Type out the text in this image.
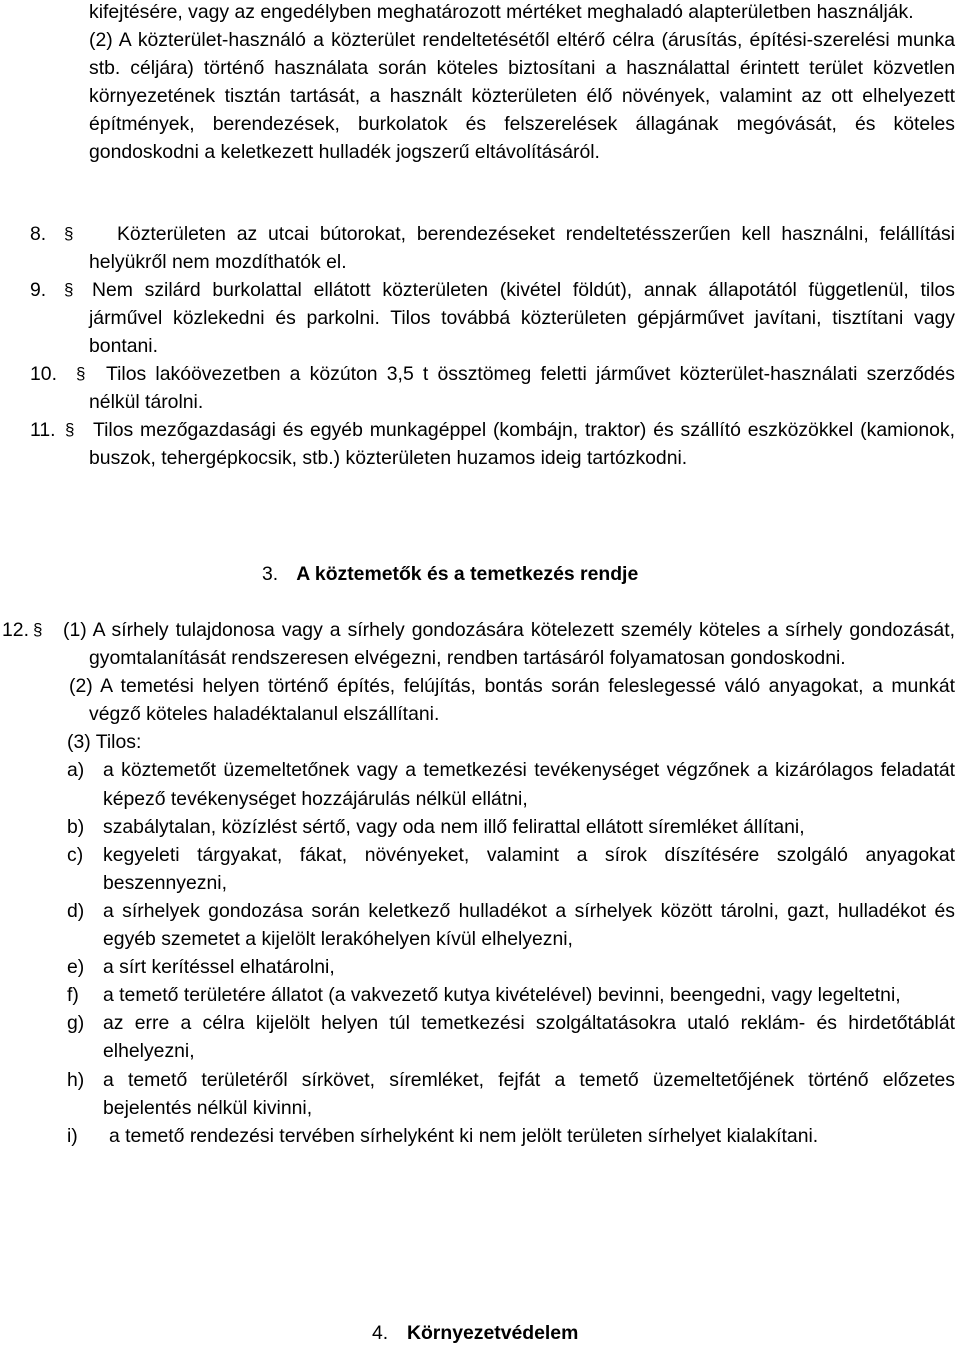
kifejtésére, vagy az engedélyben meghatározott mértéket meghaladó alapterületben használják.
(2) A közterület-használó a közterület rendeltetésétől eltérő célra (árusítás, építési-szerelési munka stb. céljára) történő használata során köteles biztosítani a használattal érintett terület közvetlen környezetének tisztán tartását, a használt közterületen élő növények, valamint az ott elhelyezett építmények, berendezések, burkolatok és felszerelések állagának megóvását, és köteles gondoskodni a keletkezett hulladék jogszerű eltávolításáról.
8. §	Közterületen az utcai bútorokat, berendezéseket rendeltetésszerűen kell használni, felállítási helyükről nem mozdíthatók el.
9. § Nem szilárd burkolattal ellátott közterületen (kivétel földút), annak állapotától függetlenül, tilos járművel közlekedni és parkolni. Tilos továbbá közterületen gépjárművet javítani, tisztítani vagy bontani.
10. §	Tilos lakóövezetben a közúton 3,5 t össztömeg feletti járművet közterület-használati szerződés nélkül tárolni.
11. § Tilos mezőgazdasági és egyéb munkagéppel (kombájn, traktor) és szállító eszközökkel (kamionok, buszok, tehergépkocsik, stb.) közterületen huzamos ideig tartózkodni.
3. A köztemetők és a temetkezés rendje
12. § (1) A sírhely tulajdonosa vagy a sírhely gondozására kötelezett személy köteles a sírhely gondozását, gyomtalanítását rendszeresen elvégezni, rendben tartásáról folyamatosan gondoskodni.
(2) A temetési helyen történő építés, felújítás, bontás során feleslegessé váló anyagokat, a munkát végző köteles haladéktalanul elszállítani.
(3) Tilos:
a) a köztemetőt üzemeltetőnek vagy a temetkezési tevékenységet végzőnek a kizárólagos feladatát képező tevékenységet hozzájárulás nélkül ellátni,
b) szabálytalan, közízlést sértő, vagy oda nem illő felirattal ellátott síremléket állítani,
c) kegyeleti tárgyakat, fákat, növényeket, valamint a sírok díszítésére szolgáló anyagokat beszennyezni,
d) a sírhelyek gondozása során keletkező hulladékot a sírhelyek között tárolni, gazt, hulladékot és egyéb szemetet a kijelölt lerakóhelyen kívül elhelyezni,
e) a sírt kerítéssel elhatárolni,
f) a temető területére állatot (a vakvezető kutya kivételével) bevinni, beengedni, vagy legeltetni,
g) az erre a célra kijelölt helyen túl temetkezési szolgáltatásokra utaló reklám- és hirdetőtáblát elhelyezni,
h) a temető területéről sírkövet, síremléket, fejfát a temető üzemeltetőjének történő előzetes bejelentés nélkül kivinni,
i) a temető rendezési tervében sírhelyként ki nem jelölt területen sírhelyet kialakítani.
4. Környezetvédelem
